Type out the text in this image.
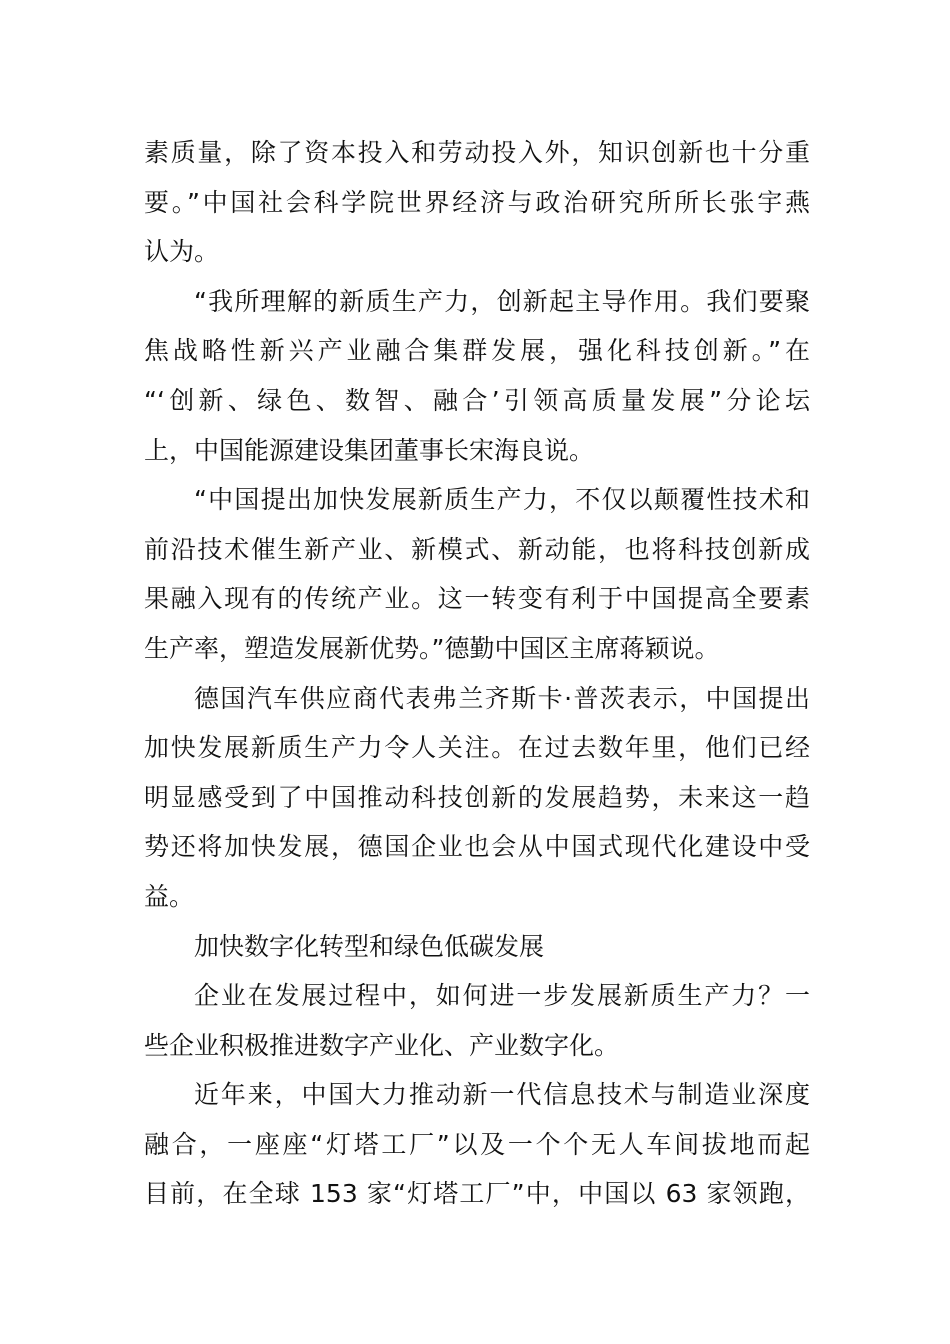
素质量，除了资本投入和劳动投入外，知识创新也十分重
要。”中国社会科学院世界经济与政治研究所所长张宇燕
认为。
“我所理解的新质生产力，创新起主导作用。我们要聚
焦战略性新兴产业融合集群发展，强化科技创新。”在
“‘创新、绿色、数智、融合’引领高质量发展”分论坛
上，中国能源建设集团董事长宋海良说。
“中国提出加快发展新质生产力，不仅以颠覆性技术和
前沿技术催生新产业、新模式、新动能，也将科技创新成
果融入现有的传统产业。这一转变有利于中国提高全要素
生产率，塑造发展新优势。”德勤中国区主席蒋颖说。
德国汽车供应商代表弗兰齐斯卡·普茨表示，中国提出
加快发展新质生产力令人关注。在过去数年里，他们已经
明显感受到了中国推动科技创新的发展趋势，未来这一趋
势还将加快发展，德国企业也会从中国式现代化建设中受
益。
加快数字化转型和绿色低碳发展
企业在发展过程中，如何进一步发展新质生产力？一
些企业积极推进数字产业化、产业数字化。
近年来，中国大力推动新一代信息技术与制造业深度
融合，一座座“灯塔工厂”以及一个个无人车间拔地而起
目前，在全球 153 家“灯塔工厂”中，中国以 63 家领跑，
